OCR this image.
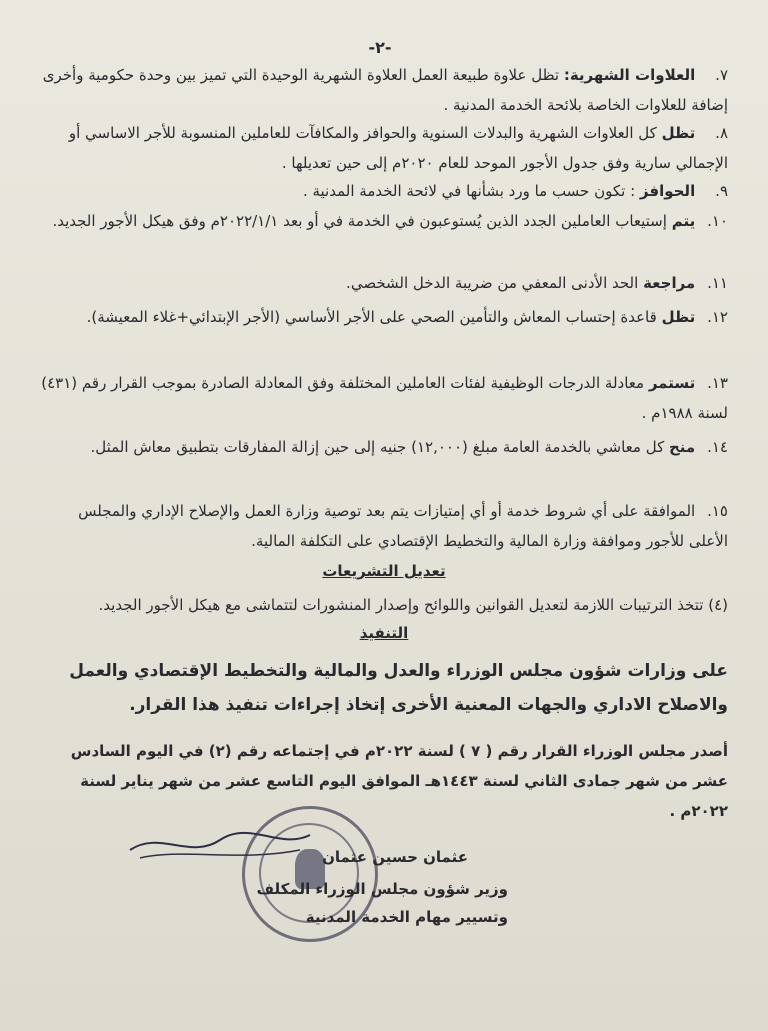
-٢-
٧. العلاوات الشهرية: تظل علاوة طبيعة العمل العلاوة الشهرية الوحيدة التي تميز بين وحدة حكومية وأخرى إضافة للعلاوات الخاصة بلائحة الخدمة المدنية .
٨. تظل كل العلاوات الشهرية والبدلات السنوية والحوافز والمكافآت للعاملين المنسوبة للأجر الاساسي أو الإجمالي سارية وفق جدول الأجور الموحد للعام ٢٠٢٠م إلى حين تعديلها .
٩. الحوافز : تكون حسب ما ورد بشأنها في لائحة الخدمة المدنية .
١٠. يتم إستيعاب العاملين الجدد الذين يُستوعبون في الخدمة في أو بعد ٢٠٢٢/١/١م وفق هيكل الأجور الجديد.
١١. مراجعة الحد الأدنى المعفي من ضريبة الدخل الشخصي.
١٢. تظل قاعدة إحتساب المعاش والتأمين الصحي على الأجر الأساسي (الأجر الإبتدائي+غلاء المعيشة).
١٣. تستمر معادلة الدرجات الوظيفية لفئات العاملين المختلفة وفق المعادلة الصادرة بموجب القرار رقم (٤٣١) لسنة ١٩٨٨م .
١٤. منح كل معاشي بالخدمة العامة مبلغ (١٢,٠٠٠) جنيه إلى حين إزالة المفارقات بتطبيق معاش المثل.
١٥. الموافقة على أي شروط خدمة أو أي إمتيازات يتم بعد توصية وزارة العمل والإصلاح الإداري والمجلس الأعلى للأجور وموافقة وزارة المالية والتخطيط الإقتصادي على التكلفة المالية.
تعديل التشريعات
(٤) تتخذ الترتيبات اللازمة لتعديل القوانين واللوائح وإصدار المنشورات لتتماشى مع هيكل الأجور الجديد.
التنفيذ
على وزارات شؤون مجلس الوزراء والعدل والمالية والتخطيط الإقتصادي والعمل والاصلاح الاداري والجهات المعنية الأخرى إتخاذ إجراءات تنفيذ هذا القرار.
أصدر مجلس الوزراء القرار رقم ( ٧ ) لسنة ٢٠٢٢م في إجتماعه رقم (٢) في اليوم السادس عشر من شهر جمادى الثاني لسنة ١٤٤٣هـ الموافق اليوم التاسع عشر من شهر يناير لسنة ٢٠٢٢م .
عثمان حسين عثمان
وزير شؤون مجلس الوزراء المكلف
وتسيير مهام الخدمة المدنية
